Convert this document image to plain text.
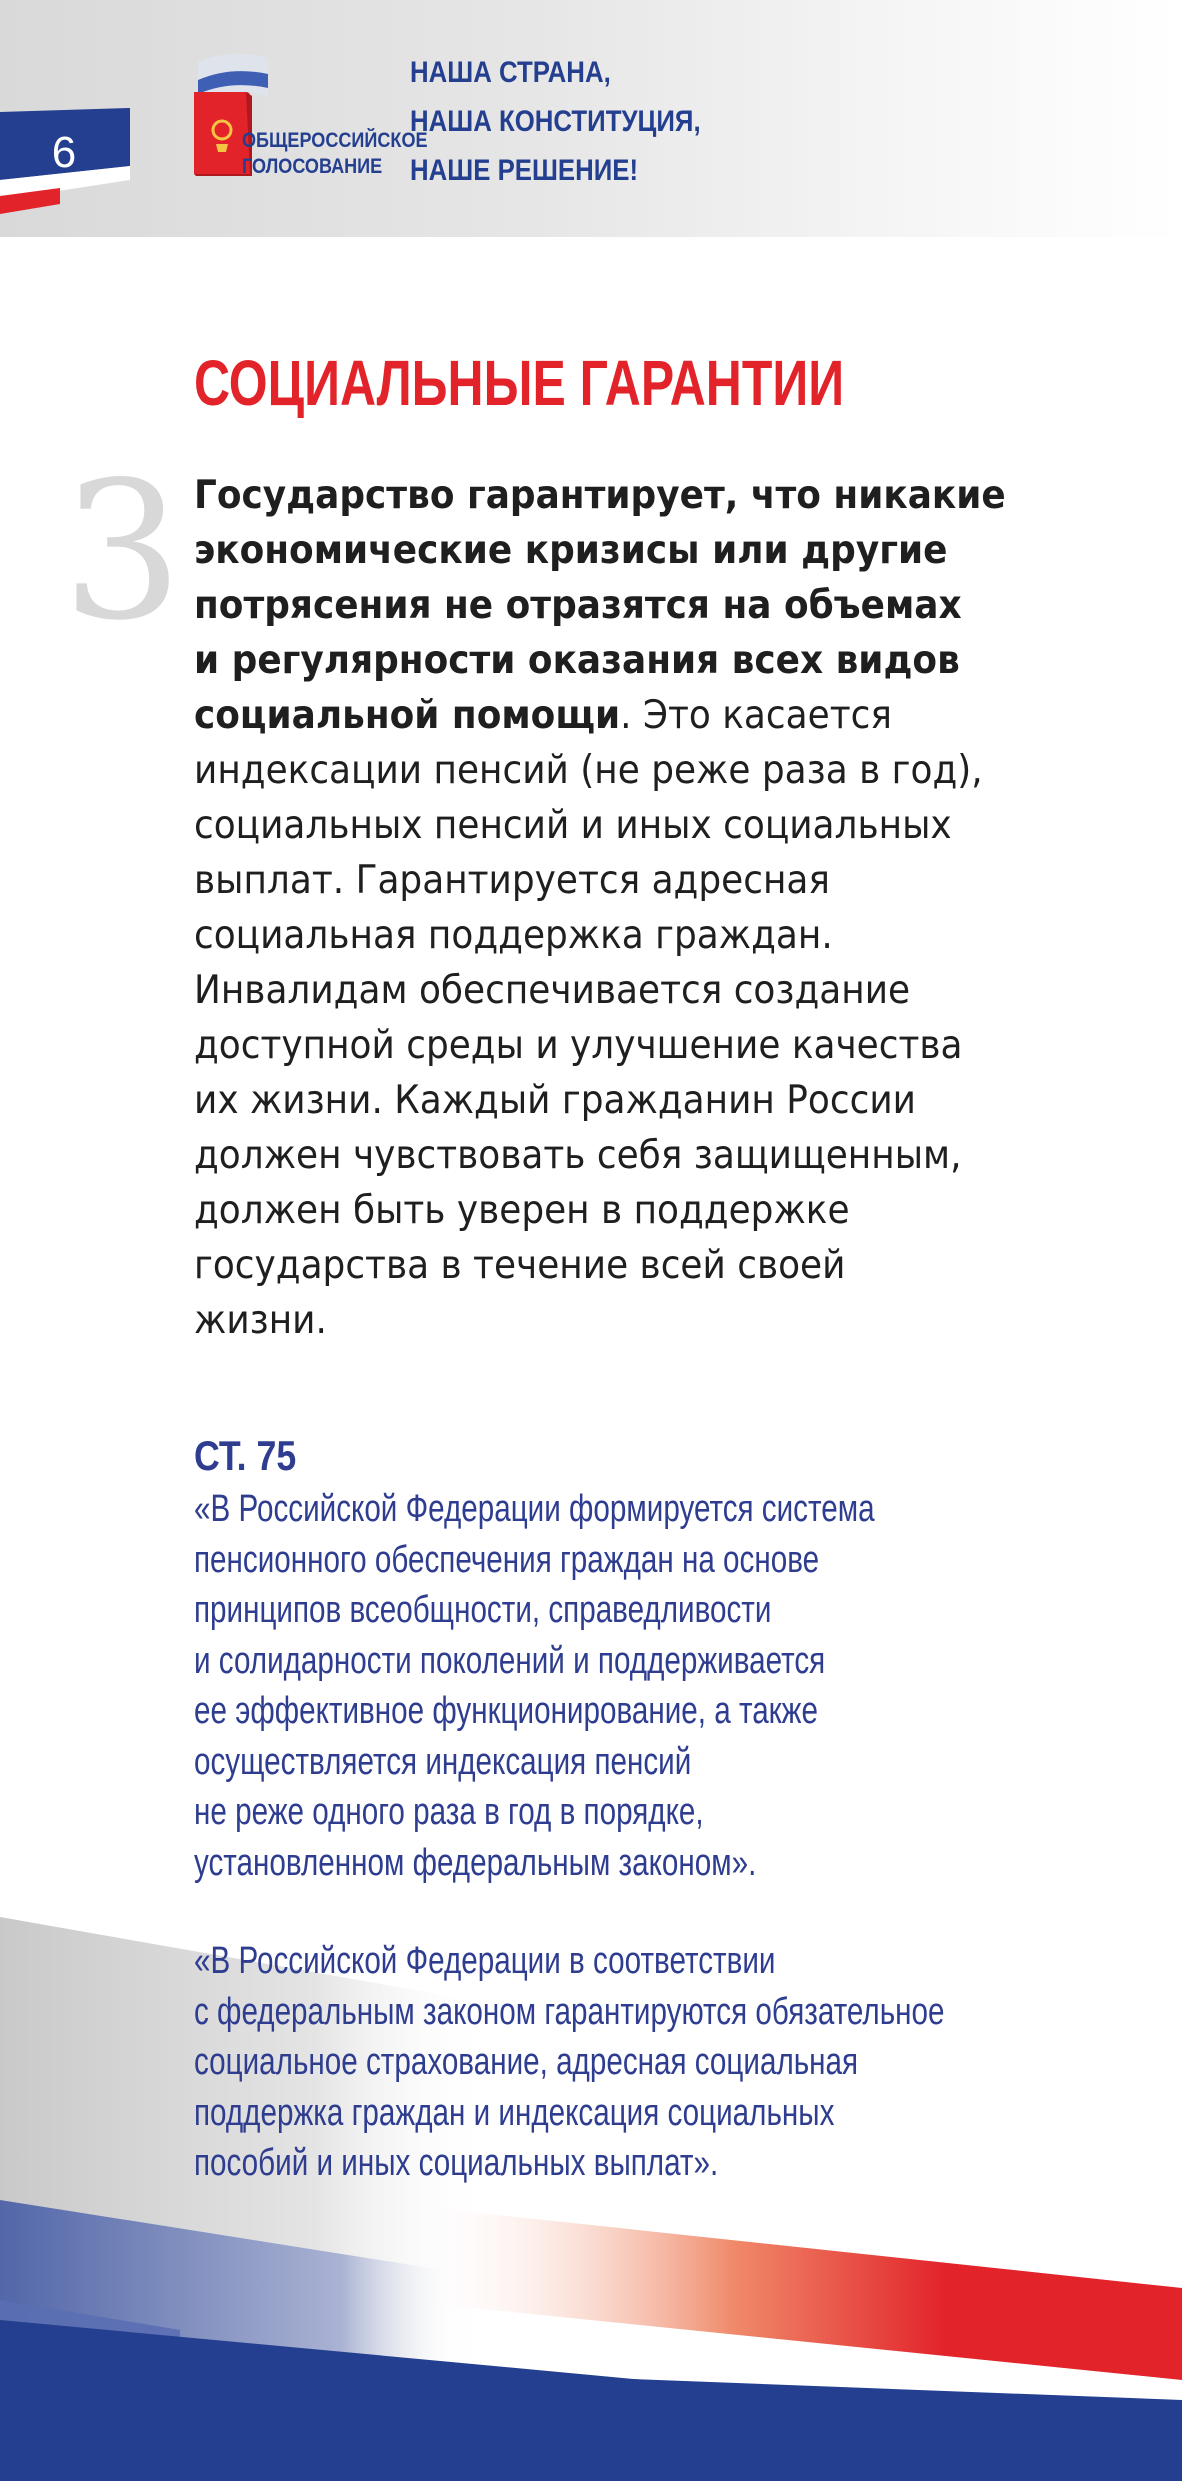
6	ОБЩЕРОССИЙСКОЕ
ГОЛОСОВАНИЕ
НАША СТРАНА,
НАША КОНСТИТУЦИЯ,
НАШЕ РЕШЕНИЕ!
СОЦИАЛЬНЫЕ ГАРАНТИИ
3 Государство гарантирует, что никакие
экономические кризисы или другие
потрясения не отразятся на объемах
и регулярности оказания всех видов
социальной помощи. Это касается
индексации пенсий (не реже раза в год),
социальных пенсий и иных социальных
выплат. Гарантируется адресная
социальная поддержка граждан.
Инвалидам обеспечивается создание
доступной среды и улучшение качества
их жизни. Каждый гражданин России
должен чувствовать себя защищенным,
должен быть уверен в поддержке
государства в течение всей своей
жизни.
СТ. 75
«В Российской Федерации формируется система
пенсионного обеспечения граждан на основе
принципов всеобщности, справедливости
и солидарности поколений и поддерживается
ее эффективное функционирование, а также
осуществляется индексация пенсий
не реже одного раза в год в порядке,
установленном федеральным законом».
«В Российской Федерации в соответствии
с федеральным законом гарантируются обязательное
социальное страхование, адресная социальная
поддержка граждан и индексация социальных
пособий и иных социальных выплат».
